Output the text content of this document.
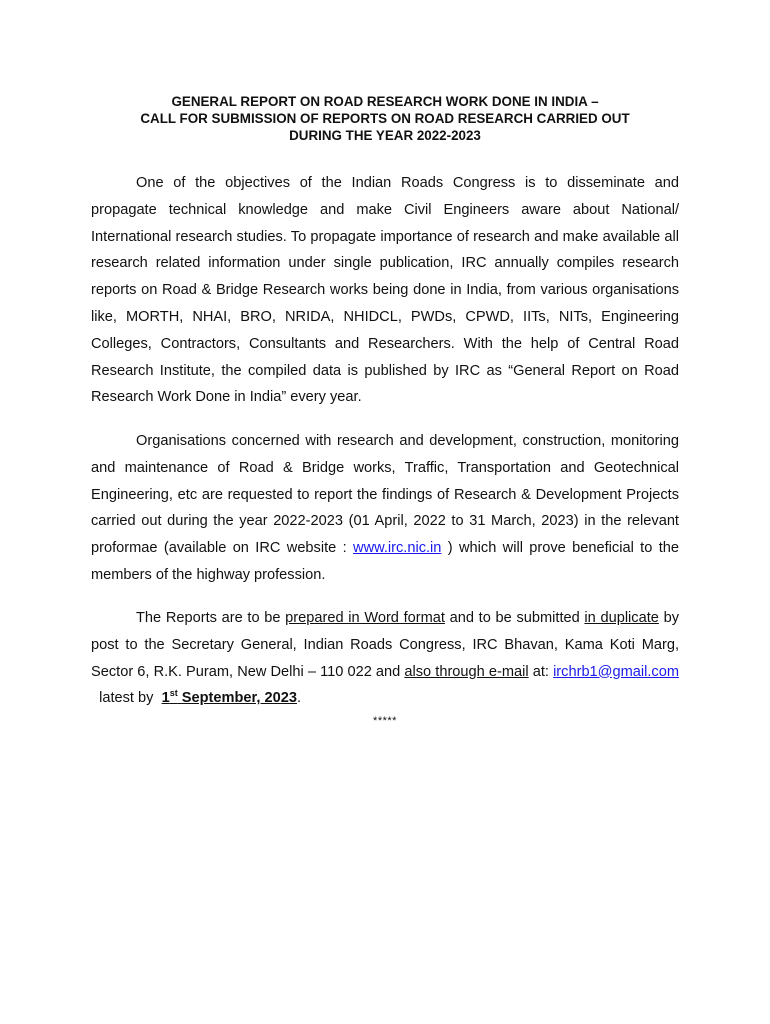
GENERAL REPORT ON ROAD RESEARCH WORK DONE IN INDIA –
CALL FOR SUBMISSION OF REPORTS ON ROAD RESEARCH CARRIED OUT
DURING THE YEAR 2022-2023
One of the objectives of the Indian Roads Congress is to disseminate and propagate technical knowledge and make Civil Engineers aware about National/ International research studies. To propagate importance of research and make available all research related information under single publication, IRC annually compiles research reports on Road & Bridge Research works being done in India, from various organisations like, MORTH, NHAI, BRO, NRIDA, NHIDCL, PWDs, CPWD, IITs, NITs, Engineering Colleges, Contractors, Consultants and Researchers. With the help of Central Road Research Institute, the compiled data is published by IRC as “General Report on Road Research Work Done in India” every year.
Organisations concerned with research and development, construction, monitoring and maintenance of Road & Bridge works, Traffic, Transportation and Geotechnical Engineering, etc are requested to report the findings of Research & Development Projects carried out during the year 2022-2023 (01 April, 2022 to 31 March, 2023) in the relevant proformae (available on IRC website : www.irc.nic.in ) which will prove beneficial to the members of the highway profession.
The Reports are to be prepared in Word format and to be submitted in duplicate by post to the Secretary General, Indian Roads Congress, IRC Bhavan, Kama Koti Marg, Sector 6, R.K. Puram, New Delhi – 110 022 and also through e-mail at: irchrb1@gmail.com  latest by  1st September, 2023.
*****
